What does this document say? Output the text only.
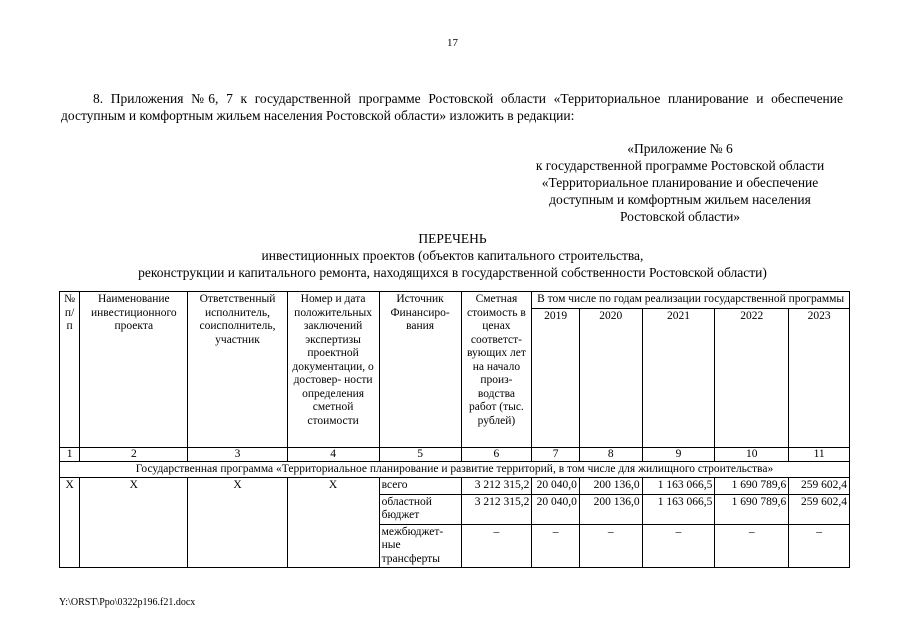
17
8. Приложения №6, 7 к государственной программе Ростовской области «Территориальное планирование и обеспечение доступным и комфортным жильем населения Ростовской области» изложить в редакции:
«Приложение № 6
к государственной программе Ростовской области
«Территориальное планирование и обеспечение
доступным и комфортным жильем населения
Ростовской области»
ПЕРЕЧЕНЬ
инвестиционных проектов (объектов капитального строительства,
реконструкции и капитального ремонта, находящихся в государственной собственности Ростовской области)
№ п/п	Наименование инвестиционного проекта	Ответственный исполнитель, соисполнитель, участник	Номер и дата положительных заключений экспертизы проектной документации, о достовер- ности определения сметной стоимости	Источник Финансиро- вания	Сметная стоимость в ценах соответст- вующих лет на начало произ- водства работ (тыс. рублей)	В том числе по годам реализации государственной программы				
						2019	2020	2021	2022	2023
1	2	3	4	5	6	7	8	9	10	11
Государственная программа «Территориальное планирование и развитие территорий, в том числе для жилищного строительства»										
X	X	X	X	всего	3 212 315,2	20 040,0	200 136,0	1 163 066,5	1 690 789,6	259 602,4
				областной бюджет	3 212 315,2	20 040,0	200 136,0	1 163 066,5	1 690 789,6	259 602,4
				межбюджет- ные трансферты	–	–	–	–	–	–
Y:\ORST\Ppo\0322p196.f21.docx
